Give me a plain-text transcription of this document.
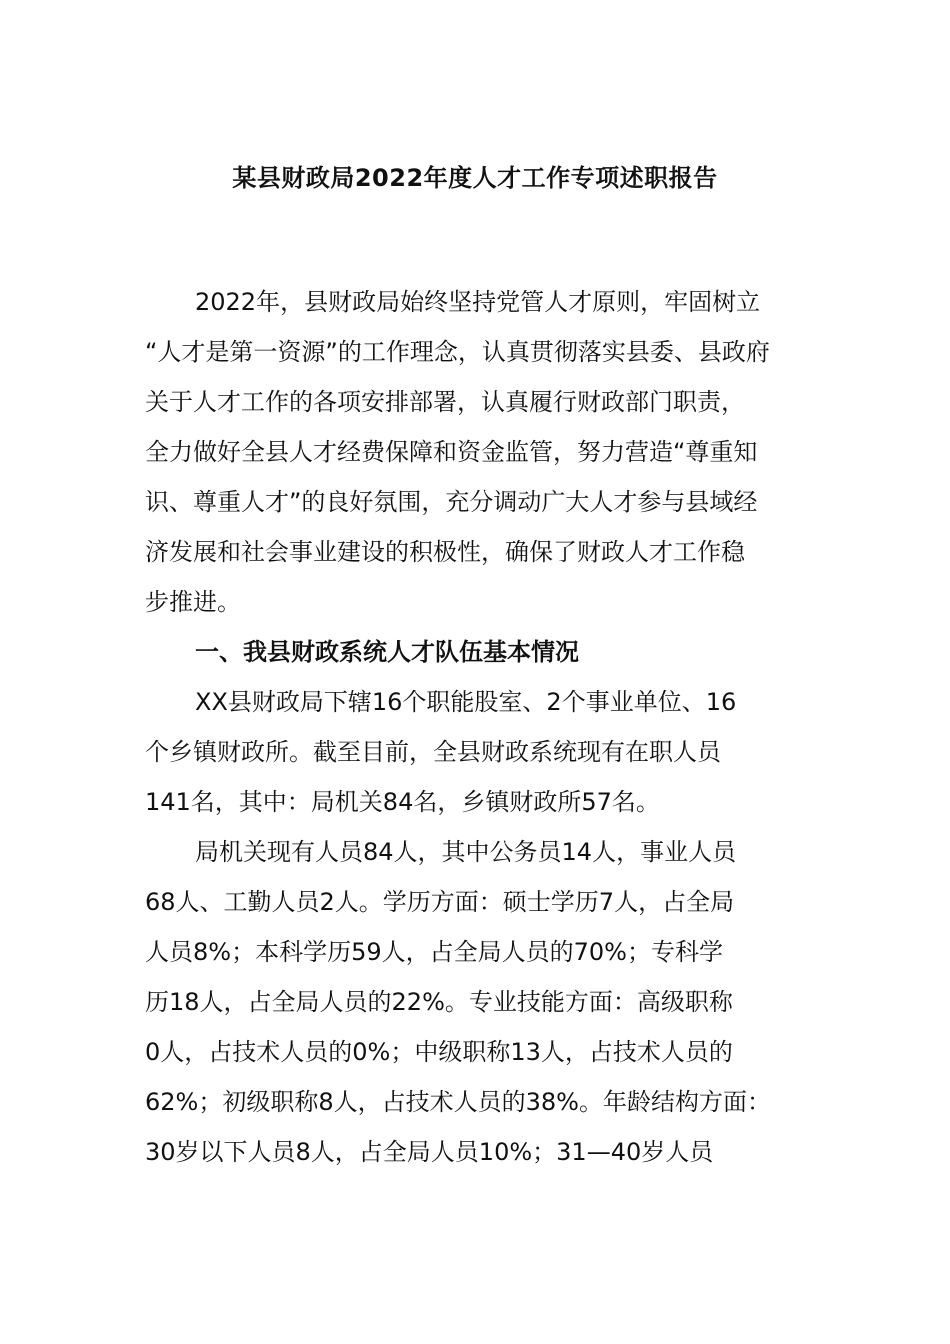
某县财政局2022年度人才工作专项述职报告
2022年，县财政局始终坚持党管人才原则，牢固树立
“人才是第一资源”的工作理念，认真贯彻落实县委、县政府
关于人才工作的各项安排部署，认真履行财政部门职责，
全力做好全县人才经费保障和资金监管，努力营造“尊重知
识、尊重人才”的良好氛围，充分调动广大人才参与县域经
济发展和社会事业建设的积极性，确保了财政人才工作稳
步推进。
一、我县财政系统人才队伍基本情况
XX县财政局下辖16个职能股室、2个事业单位、16
个乡镇财政所。截至目前，全县财政系统现有在职人员
141名，其中：局机关84名，乡镇财政所57名。
局机关现有人员84人，其中公务员14人，事业人员
68人、工勤人员2人。学历方面：硕士学历7人，占全局
人员8%；本科学历59人，占全局人员的70%；专科学
历18人，占全局人员的22%。专业技能方面：高级职称
0人，占技术人员的0%；中级职称13人，占技术人员的
62%；初级职称8人，占技术人员的38%。年龄结构方面：
30岁以下人员8人，占全局人员10%；31—40岁人员
